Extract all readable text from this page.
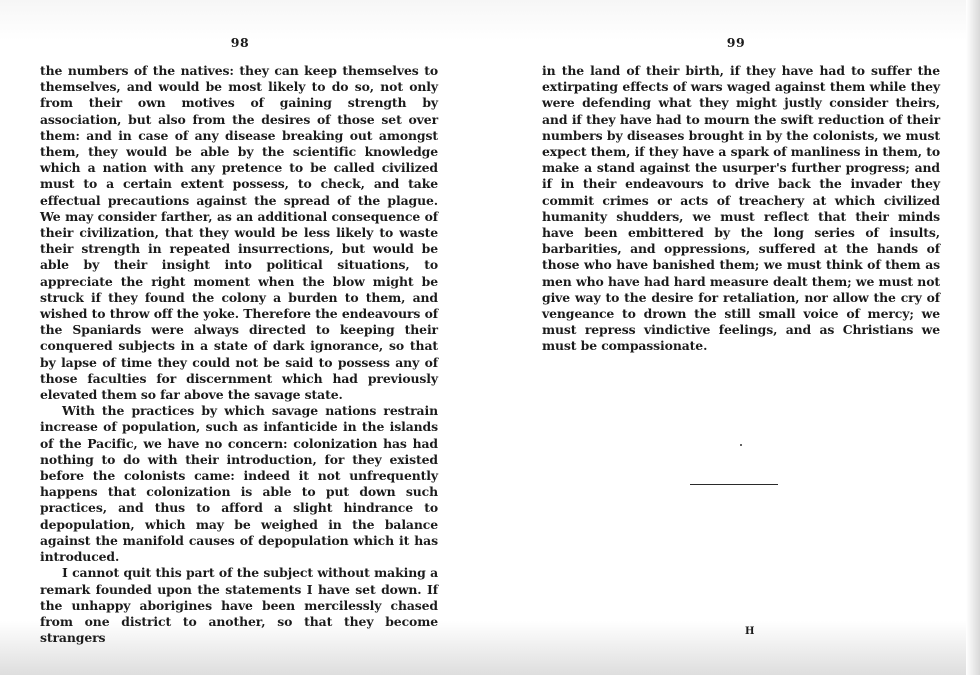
98	99

the numbers of the natives: they can keep themselves to themselves, and would be most likely to do so, not only from their own motives of gaining strength by association, but also from the desires of those set over them: and in case of any disease breaking out amongst them, they would be able by the scientific knowledge which a nation with any pretence to be called civilized must to a certain extent possess, to check, and take effectual precautions against the spread of the plague. We may consider farther, as an additional consequence of their civilization, that they would be less likely to waste their strength in repeated insurrections, but would be able by their insight into political situations, to appreciate the right moment when the blow might be struck if they found the colony a burden to them, and wished to throw off the yoke. Therefore the endeavours of the Spaniards were always directed to keeping their conquered subjects in a state of dark ignorance, so that by lapse of time they could not be said to possess any of those faculties for discernment which had previously elevated them so far above the savage state.

With the practices by which savage nations restrain increase of population, such as infanticide in the islands of the Pacific, we have no concern: colonization has had nothing to do with their introduction, for they existed before the colonists came: indeed it not unfrequently happens that colonization is able to put down such practices, and thus to afford a slight hindrance to depopulation, which may be weighed in the balance against the manifold causes of depopulation which it has introduced.

I cannot quit this part of the subject without making a remark founded upon the statements I have set down. If the unhappy aborigines have been mercilessly chased from one district to another, so that they become strangers

in the land of their birth, if they have had to suffer the extirpating effects of wars waged against them while they were defending what they might justly consider theirs, and if they have had to mourn the swift reduction of their numbers by diseases brought in by the colonists, we must expect them, if they have a spark of manliness in them, to make a stand against the usurper's further progress; and if in their endeavours to drive back the invader they commit crimes or acts of treachery at which civilized humanity shudders, we must reflect that their minds have been embittered by the long series of insults, barbarities, and oppressions, suffered at the hands of those who have banished them; we must think of them as men who have had hard measure dealt them; we must not give way to the desire for retaliation, nor allow the cry of vengeance to drown the still small voice of mercy; we must repress vindictive feelings, and as Christians we must be compassionate.

H
